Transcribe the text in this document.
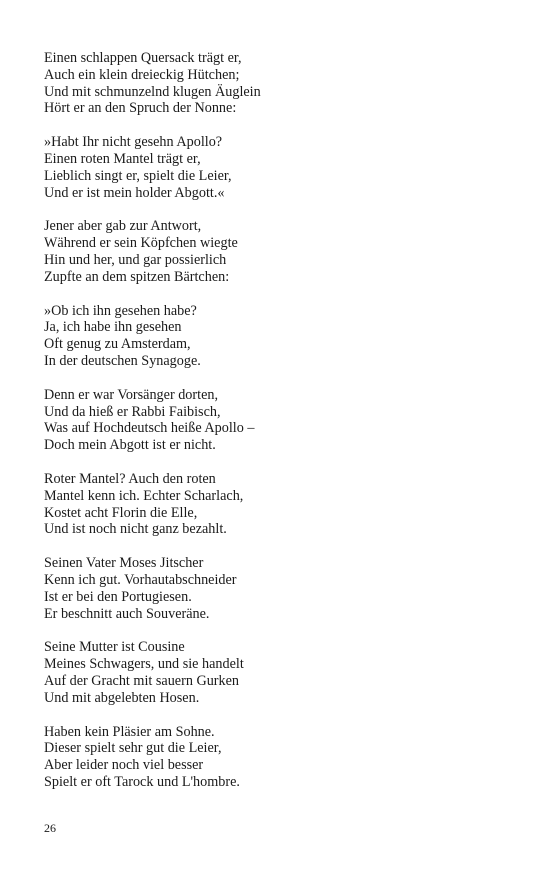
Einen schlappen Quersack trägt er,
Auch ein klein dreieckig Hütchen;
Und mit schmunzelnd klugen Äuglein
Hört er an den Spruch der Nonne:
»Habt Ihr nicht gesehn Apollo?
Einen roten Mantel trägt er,
Lieblich singt er, spielt die Leier,
Und er ist mein holder Abgott.«
Jener aber gab zur Antwort,
Während er sein Köpfchen wiegte
Hin und her, und gar possierlich
Zupfte an dem spitzen Bärtchen:
»Ob ich ihn gesehen habe?
Ja, ich habe ihn gesehen
Oft genug zu Amsterdam,
In der deutschen Synagoge.
Denn er war Vorsänger dorten,
Und da hieß er Rabbi Faibisch,
Was auf Hochdeutsch heiße Apollo –
Doch mein Abgott ist er nicht.
Roter Mantel? Auch den roten
Mantel kenn ich. Echter Scharlach,
Kostet acht Florin die Elle,
Und ist noch nicht ganz bezahlt.
Seinen Vater Moses Jitscher
Kenn ich gut. Vorhautabschneider
Ist er bei den Portugiesen.
Er beschnitt auch Souveräne.
Seine Mutter ist Cousine
Meines Schwagers, und sie handelt
Auf der Gracht mit sauern Gurken
Und mit abgelebten Hosen.
Haben kein Pläsier am Sohne.
Dieser spielt sehr gut die Leier,
Aber leider noch viel besser
Spielt er oft Tarock und L'hombre.
26
